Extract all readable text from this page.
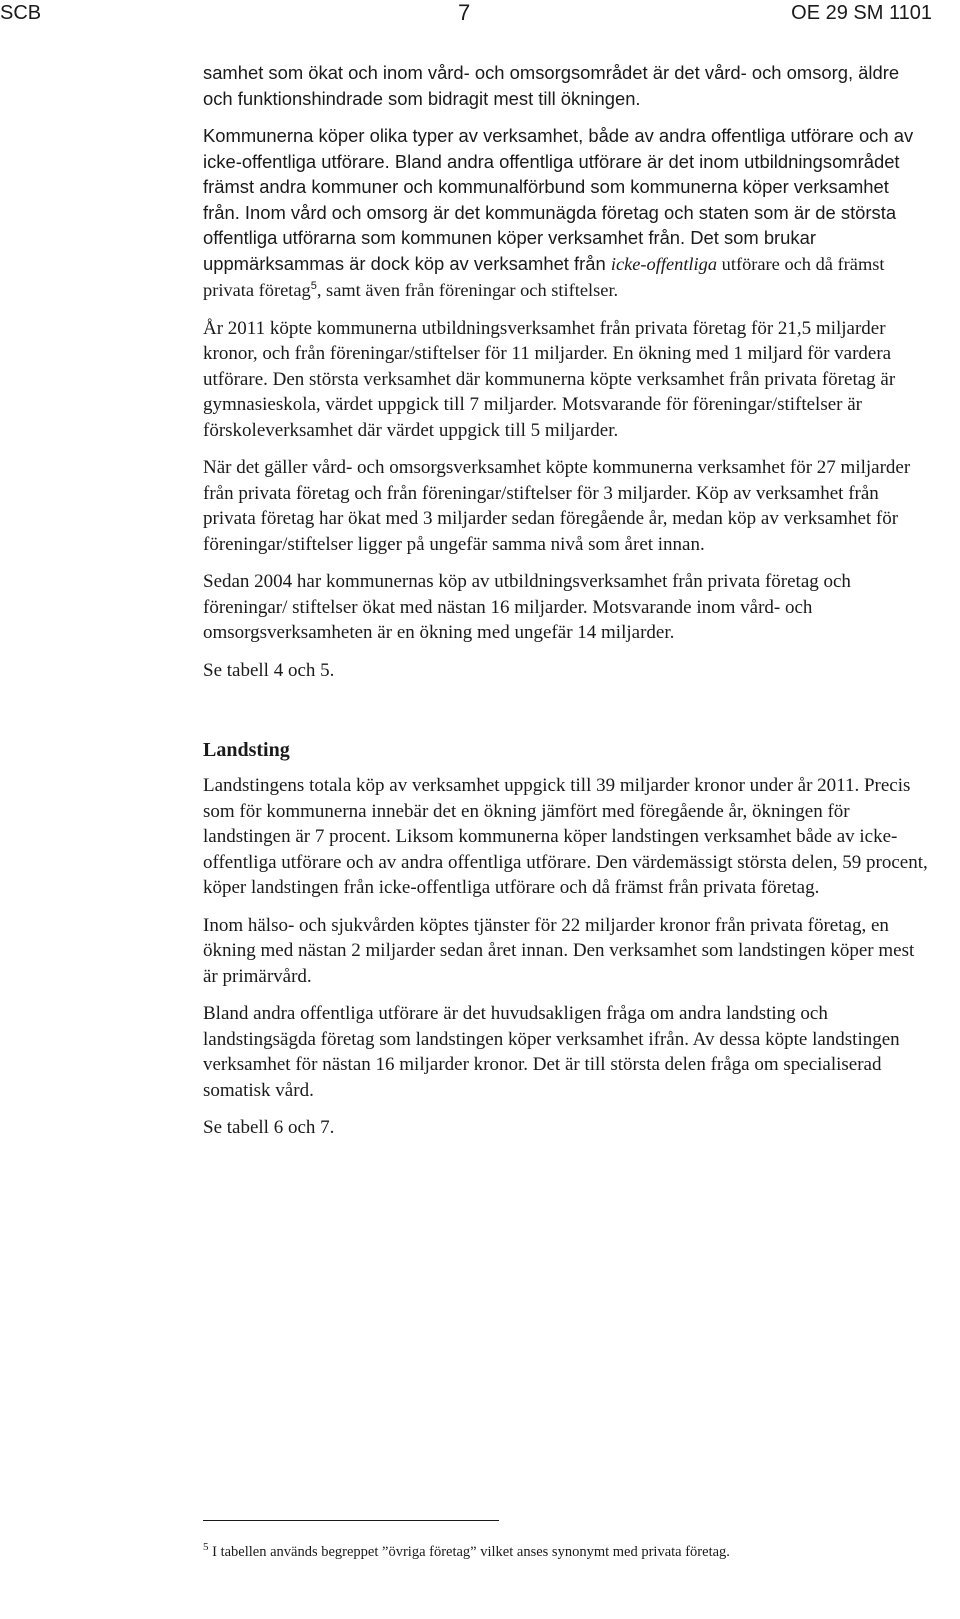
SCB	7	OE 29 SM 1101

samhet som ökat och inom vård- och omsorgsområdet är det vård- och omsorg, äldre och funktionshindrade som bidragit mest till ökningen.

Kommunerna köper olika typer av verksamhet, både av andra offentliga utförare och av icke-offentliga utförare. Bland andra offentliga utförare är det inom utbildningsområdet främst andra kommuner och kommunalförbund som kommunerna köper verksamhet från. Inom vård och omsorg är det kommunägda företag och staten som är de största offentliga utförarna som kommunen köper verksamhet från. Det som brukar uppmärksammas är dock köp av verksamhet från icke-offentliga utförare och då främst privata företag$^5$, samt även från föreningar och stiftelser.

År 2011 köpte kommunerna utbildningsverksamhet från privata företag för 21,5 miljarder kronor, och från föreningar/stiftelser för 11 miljarder. En ökning med 1 miljard för vardera utförare. Den största verksamhet där kommunerna köpte verksamhet från privata företag är gymnasieskola, värdet uppgick till 7 miljarder. Motsvarande för föreningar/stiftelser är förskoleverksamhet där värdet uppgick till 5 miljarder.

När det gäller vård- och omsorgsverksamhet köpte kommunerna verksamhet för 27 miljarder från privata företag och från föreningar/stiftelser för 3 miljarder. Köp av verksamhet från privata företag har ökat med 3 miljarder sedan föregående år, medan köp av verksamhet för föreningar/stiftelser ligger på ungefär samma nivå som året innan.

Sedan 2004 har kommunernas köp av utbildningsverksamhet från privata företag och föreningar/ stiftelser ökat med nästan 16 miljarder. Motsvarande inom vård- och omsorgsverksamheten är en ökning med ungefär 14 miljarder.

Se tabell 4 och 5.

Landsting

Landstingens totala köp av verksamhet uppgick till 39 miljarder kronor under år 2011. Precis som för kommunerna innebär det en ökning jämfört med föregående år, ökningen för landstingen är 7 procent. Liksom kommunerna köper landstingen verksamhet både av icke-offentliga utförare och av andra offentliga utförare. Den värdemässigt största delen, 59 procent, köper landstingen från icke-offentliga utförare och då främst från privata företag.

Inom hälso- och sjukvården köptes tjänster för 22 miljarder kronor från privata företag, en ökning med nästan 2 miljarder sedan året innan. Den verksamhet som landstingen köper mest är primärvård.

Bland andra offentliga utförare är det huvudsakligen fråga om andra landsting och landstingsägda företag som landstingen köper verksamhet ifrån. Av dessa köpte landstingen verksamhet för nästan 16 miljarder kronor. Det är till största delen fråga om specialiserad somatisk vård.

Se tabell 6 och 7.

$^5$ I tabellen används begreppet ”övriga företag” vilket anses synonymt med privata företag.
